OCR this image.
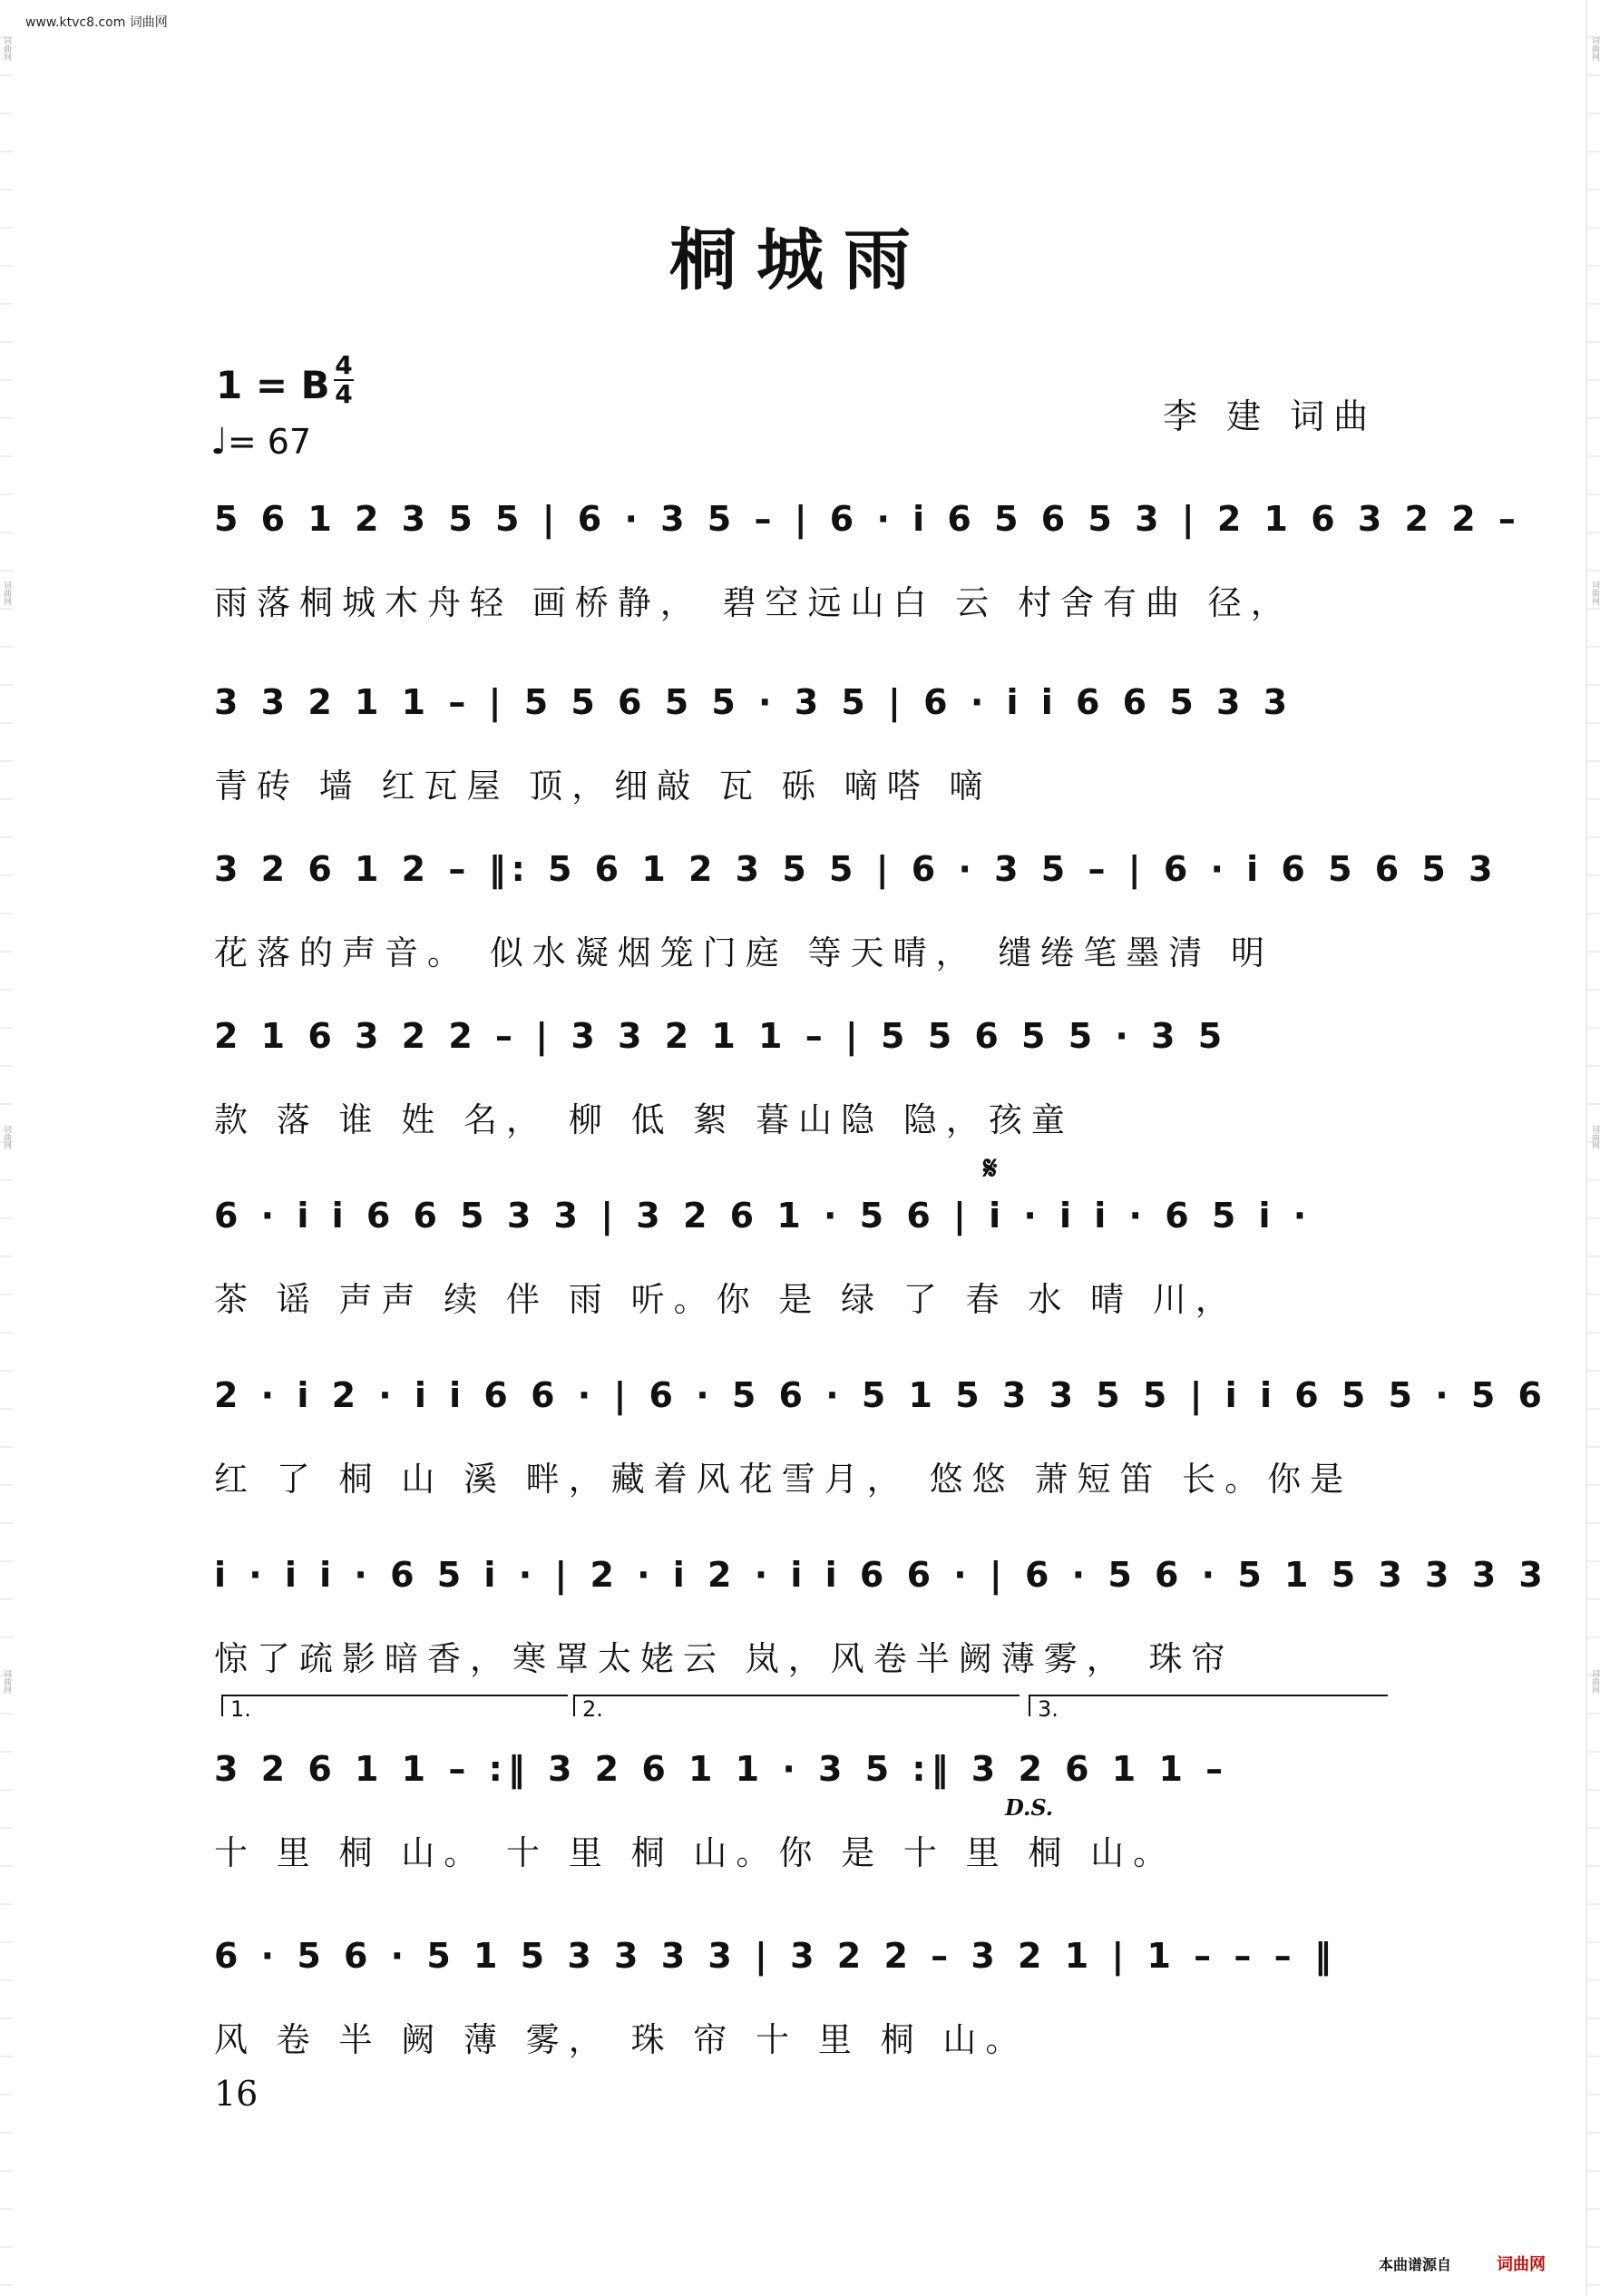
词曲网
词曲网
词曲网
词曲网
词曲网
词曲网
词曲网
词曲网
www.ktvc8.com 词曲网
桐城雨
1 = B 4
4
♩= 67
李 建 词曲
5 6 1 2 3 5 5 | 6 · 3 5 – | 6 · i 6 5 6 5 3 | 2 1 6 3 2 2 –
雨落桐城木舟轻 画桥静， 碧空远山白 云 村舍有曲 径，
3 3 2 1 1 – | 5 5 6 5 5 · 3 5 | 6 · i i 6 6 5 3 3
青砖 墙 红瓦屋 顶，细敲 瓦 砾 嘀嗒 嘀
3 2 6 1 2 – ‖: 5 6 1 2 3 5 5 | 6 · 3 5 – | 6 · i 6 5 6 5 3
花落的声音。 似水凝烟笼门庭 等天晴， 缱绻笔墨清 明
2 1 6 3 2 2 – | 3 3 2 1 1 – | 5 5 6 5 5 · 3 5
款 落 谁 姓 名， 柳 低 絮 暮山隐 隐，孩童
𝄋
6 · i i 6 6 5 3 3 | 3 2 6 1 · 5 6 | i · i i · 6 5 i ·
茶 谣 声声 续 伴 雨 听。你 是 绿 了 春 水 晴 川，
2 · i 2 · i i 6 6 · | 6 · 5 6 · 5 1 5 3 3 5 5 | i i 6 5 5 · 5 6
红 了 桐 山 溪 畔，藏着风花雪月， 悠悠 萧短笛 长。你是
i · i i · 6 5 i · | 2 · i 2 · i i 6 6 · | 6 · 5 6 · 5 1 5 3 3 3 3
惊了疏影暗香，寒罩太姥云 岚，风卷半阙薄雾， 珠帘
1.	2.	3.
3 2 6 1 1 – :‖ 3 2 6 1 1 · 3 5 :‖ 3 2 6 1 1 –
十 里 桐 山。 十 里 桐 山。你 是 十 里 桐 山。
D.S.
6 · 5 6 · 5 1 5 3 3 3 3 | 3 2 2 – 3 2 1 | 1 – – – ‖
风 卷 半 阙 薄 雾， 珠 帘 十 里 桐 山。
16
本曲谱源自	词曲网
